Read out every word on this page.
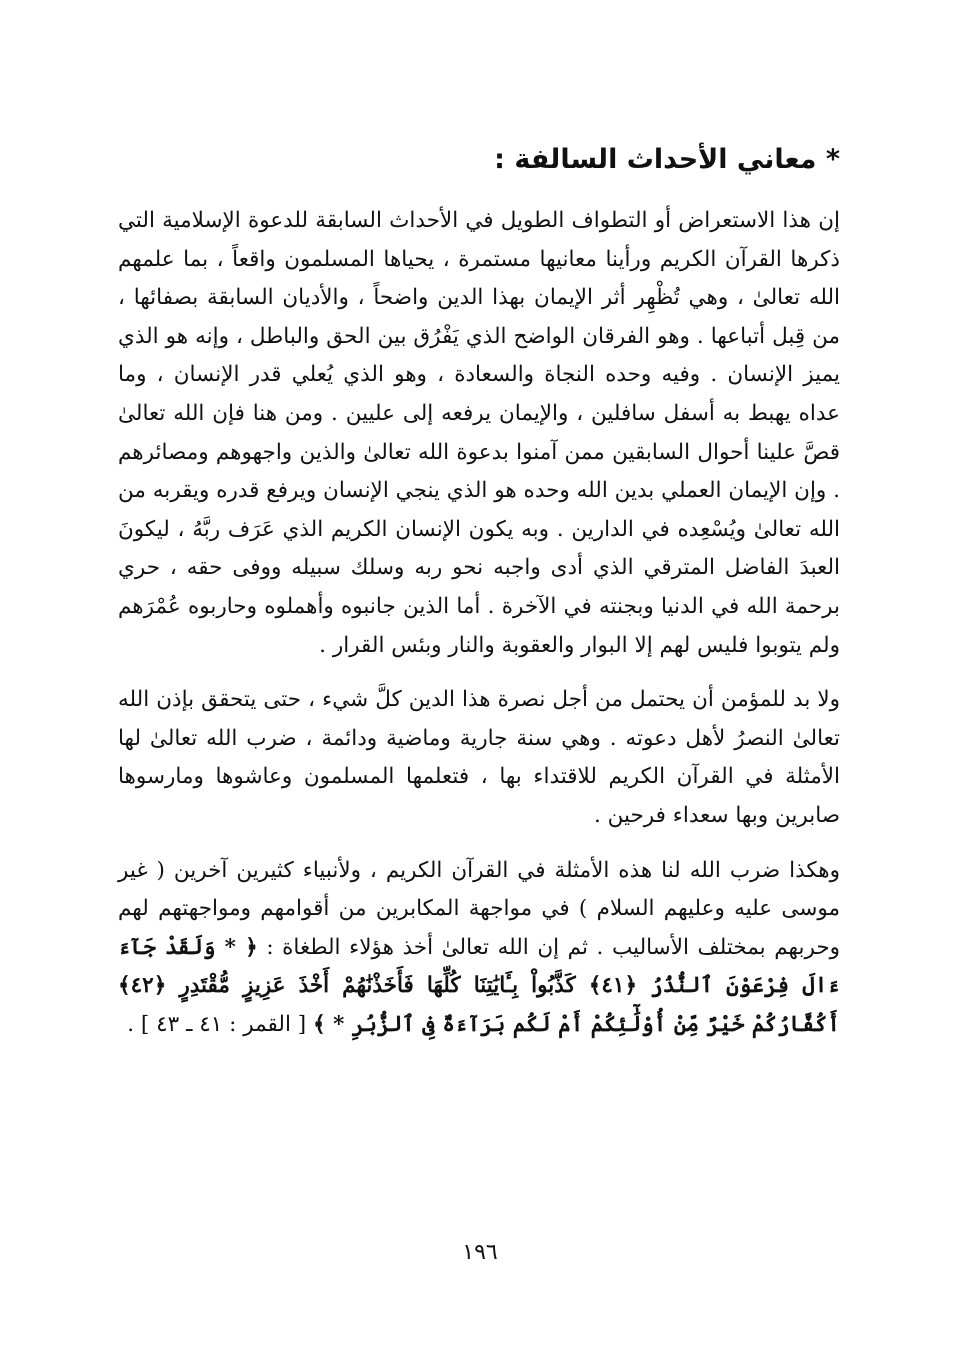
* معاني الأحداث السالفة :

إن هذا الاستعراض أو التطواف الطويل في الأحداث السابقة للدعوة الإسلامية التي ذكرها القرآن الكريم ورأينا معانيها مستمرة ، يحياها المسلمون واقعاً ، بما علمهم الله تعالىٰ ، وهي تُظْهِر أثر الإيمان بهذا الدين واضحاً ، والأديان السابقة بصفائها ، من قِبل أتباعها . وهو الفرقان الواضح الذي يَفْرُق بين الحق والباطل ، وإنه هو الذي يميز الإنسان . وفيه وحده النجاة والسعادة ، وهو الذي يُعلي قدر الإنسان ، وما عداه يهبط به أسفل سافلين ، والإيمان يرفعه إلى عليين . ومن هنا فإن الله تعالىٰ قصَّ علينا أحوال السابقين ممن آمنوا بدعوة الله تعالىٰ والذين واجهوهم ومصائرهم . وإن الإيمان العملي بدين الله وحده هو الذي ينجي الإنسان ويرفع قدره ويقربه من الله تعالىٰ ويُسْعِده في الدارين . وبه يكون الإنسان الكريم الذي عَرَف ربَّهُ ، ليكونَ العبدَ الفاضل المترقي الذي أدى واجبه نحو ربه وسلك سبيله ووفى حقه ، حري برحمة الله في الدنيا وبجنته في الآخرة . أما الذين جانبوه وأهملوه وحاربوه عُمْرَهم ولم يتوبوا فليس لهم إلا البوار والعقوبة والنار وبئس القرار .

ولا بد للمؤمن أن يحتمل من أجل نصرة هذا الدين كلَّ شيء ، حتى يتحقق بإذن الله تعالىٰ النصرُ لأهل دعوته . وهي سنة جارية وماضية ودائمة ، ضرب الله تعالىٰ لها الأمثلة في القرآن الكريم للاقتداء بها ، فتعلمها المسلمون وعاشوها ومارسوها صابرين وبها سعداء فرحين .

وهكذا ضرب الله لنا هذه الأمثلة في القرآن الكريم ، ولأنبياء كثيرين آخرين ( غير موسى عليه وعليهم السلام ) في مواجهة المكابرين من أقوامهم ومواجهتهم لهم وحربهم بمختلف الأساليب . ثم إن الله تعالىٰ أخذ هؤلاء الطغاة : ﴿ * وَلَقَدْ جَآءَ ءَالَ فِرْعَوْنَ ٱلنُّذُرُ ﴿٤١﴾ كَذَّبُواْ بِـَٔايَٰتِنَا كُلِّهَا فَأَخَذْنَٰهُمْ أَخْذَ عَزِيزٍ مُّقْتَدِرٍ ﴿٤٢﴾ أَكُفَّارُكُمْ خَيْرٌ مِّنْ أُوْلَٰٓئِكُمْ أَمْ لَكُم بَرَآءَةٌ فِى ٱلزُّبُرِ * ﴾ [ القمر : ٤١ ـ ٤٣ ] .

١٩٦
